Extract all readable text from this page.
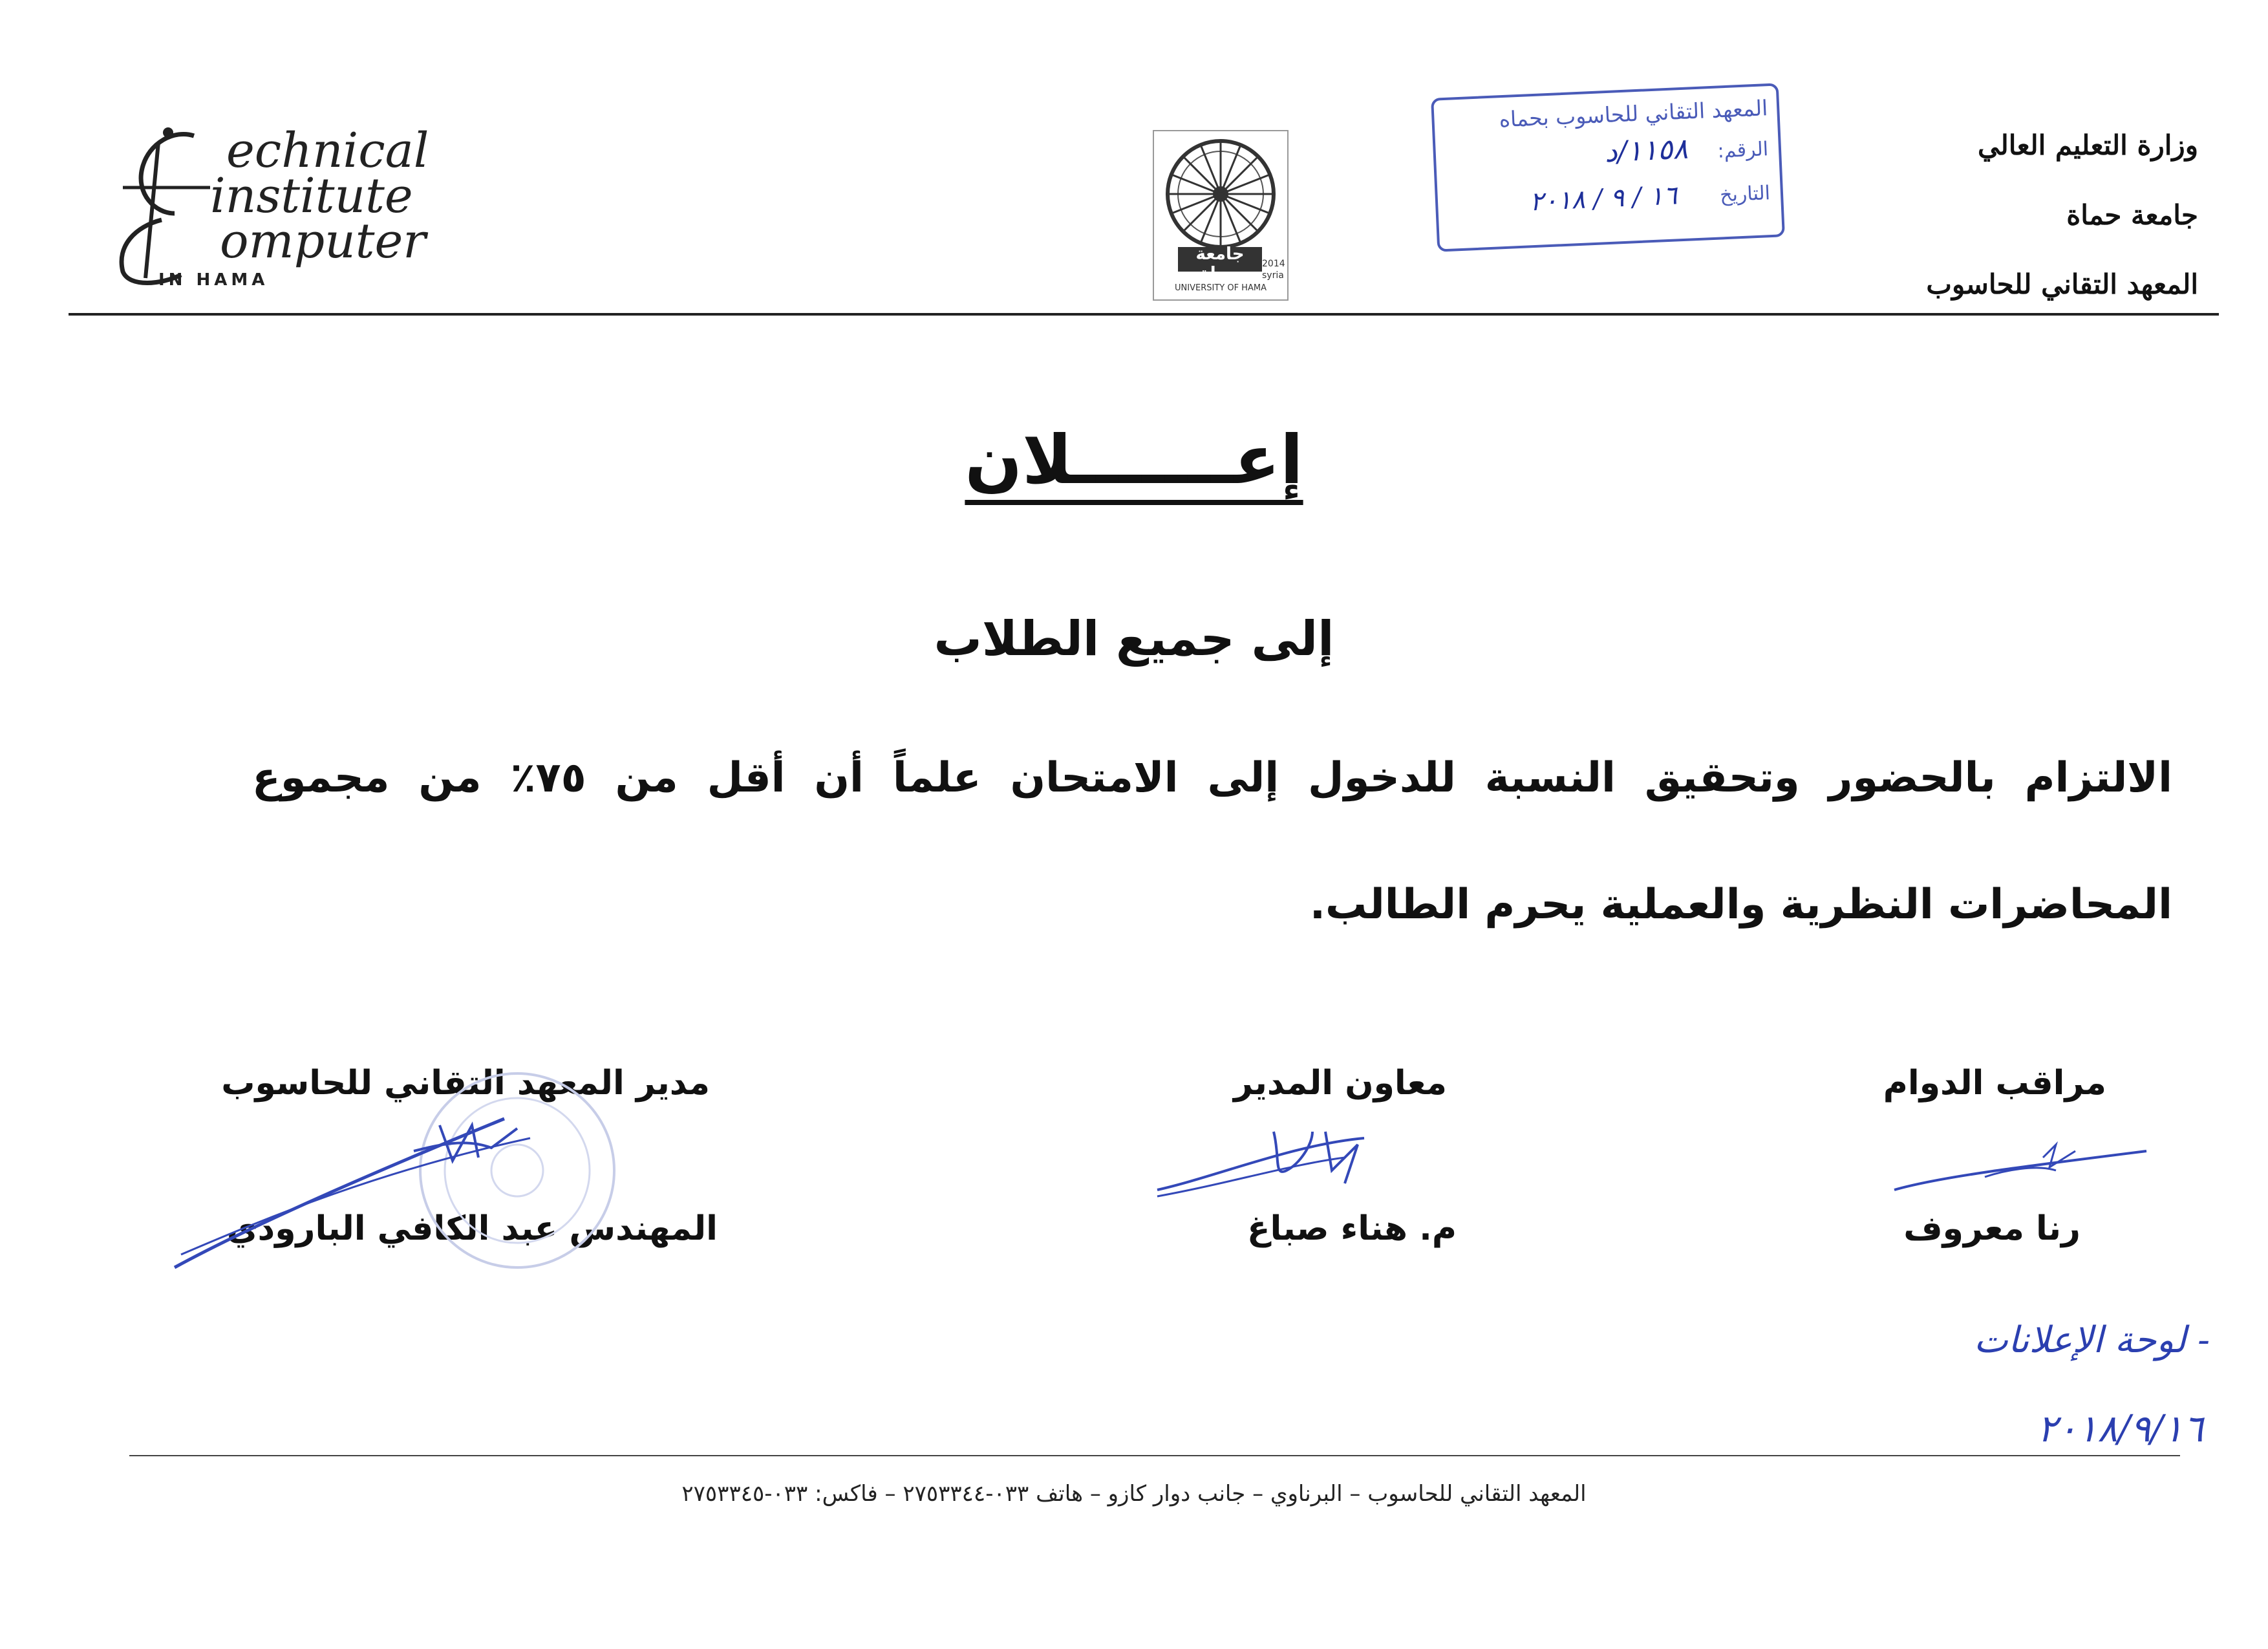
echnical
institute
omputer
IN HAMA
جامعة حماة	2014
syria
UNIVERSITY OF HAMA
المعهد التقاني للحاسوب بحماه
الرقم:
١١٥٨/د
التاريخ
١٦ / ٩ / ٢٠١٨
وزارة التعليم العالي
جامعة حماة
المعهد التقاني للحاسوب
إعـــــــلان
إلى جميع الطلاب
الالتزام بالحضور وتحقيق النسبة للدخول إلى الامتحان علماً أن أقل من ٧٥٪ من مجموع المحاضرات النظرية والعملية يحرم الطالب.
مراقب الدوام
رنا معروف
معاون المدير
م. هناء صباغ
مدير المعهد التقاني للحاسوب
المهندس عبد الكافي البارودي
- لوحة الإعلانات
٢٠١٨/٩/١٦
المعهد التقاني للحاسوب – البرناوي – جانب دوار كازو – هاتف ٠٣٣-٢٧٥٣٣٤٤ – فاكس: ٠٣٣-٢٧٥٣٣٤٥
